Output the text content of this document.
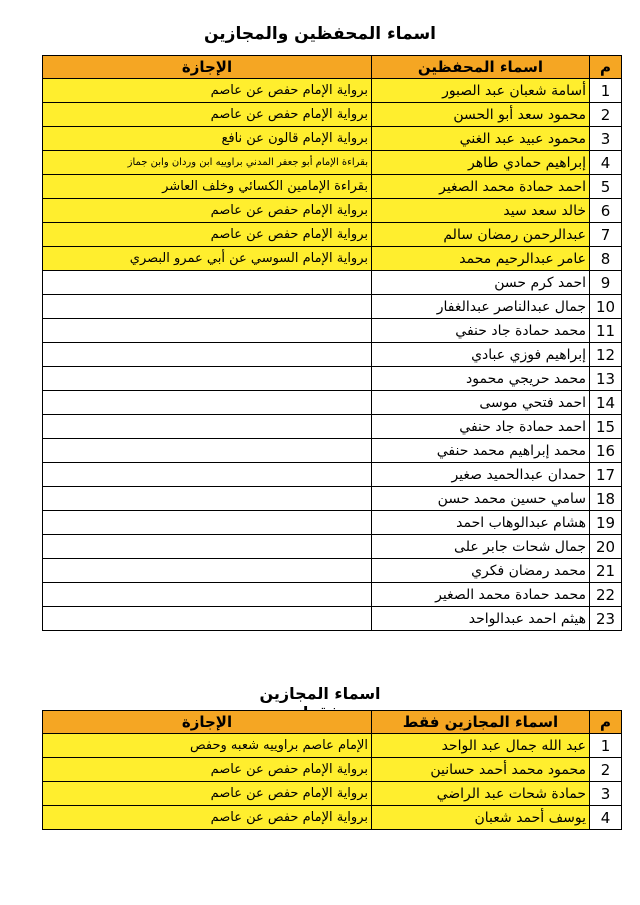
اسماء المحفظين والمجازين
م	اسماء المحفظين	الإجازة
1	أسامة شعبان عبد الصبور	برواية الإمام حفص عن عاصم
2	محمود سعد أبو الحسن	برواية الإمام حفص عن عاصم
3	محمود عبيد عبد الغني	برواية الإمام قالون عن نافع
4	إبراهيم حمادي طاهر	بقراءة الإمام أبو جعفر المدني براوييه ابن وردان وابن جماز
5	احمد حمادة محمد الصغير	بقراءة الإمامين الكسائي وخلف العاشر
6	خالد سعد سيد	برواية الإمام حفص عن عاصم
7	عبدالرحمن رمضان سالم	برواية الإمام حفص عن عاصم
8	عامر عبدالرحيم محمد	برواية الإمام السوسي عن أبي عمرو البصري
9	احمد كرم حسن	
10	جمال عبدالناصر عبدالغفار	
11	محمد حمادة جاد حنفي	
12	إبراهيم فوزي عبادي	
13	محمد حريجي محمود	
14	احمد فتحي موسى	
15	احمد حمادة جاد حنفي	
16	محمد إبراهيم محمد حنفي	
17	حمدان عبدالحميد صغير	
18	سامي حسين محمد حسن	
19	هشام عبدالوهاب احمد	
20	جمال شحات جابر على	
21	محمد رمضان فكري	
22	محمد حمادة محمد الصغير	
23	هيثم احمد عبدالواحد	
اسماء المجازين
م	اسماء المجازين فقط	الإجازة
1	عبد الله جمال عبد الواحد	الإمام عاصم براوييه شعبه وحفص
2	محمود محمد أحمد حسانين	برواية الإمام حفص عن عاصم
3	حمادة شحات عبد الراضي	برواية الإمام حفص عن عاصم
4	يوسف أحمد شعبان	برواية الإمام حفص عن عاصم
